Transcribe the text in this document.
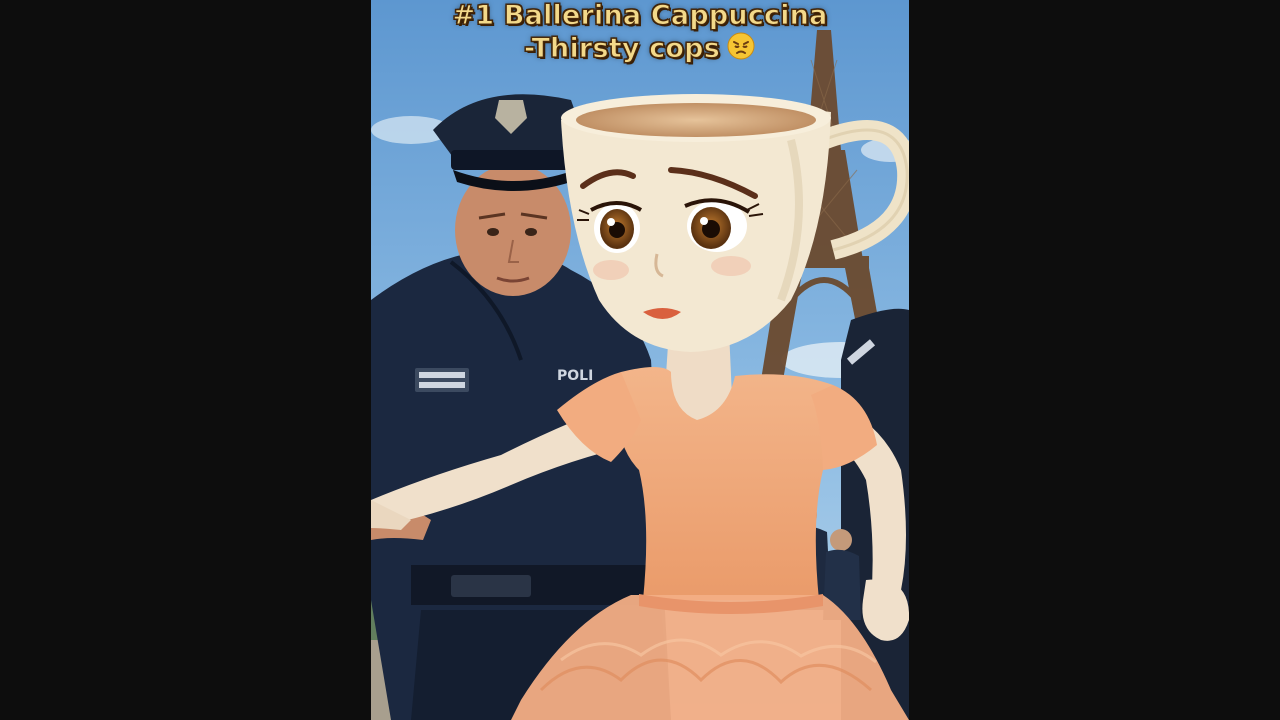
POLI
#1 Ballerina Cappuccina
-Thirsty cops
